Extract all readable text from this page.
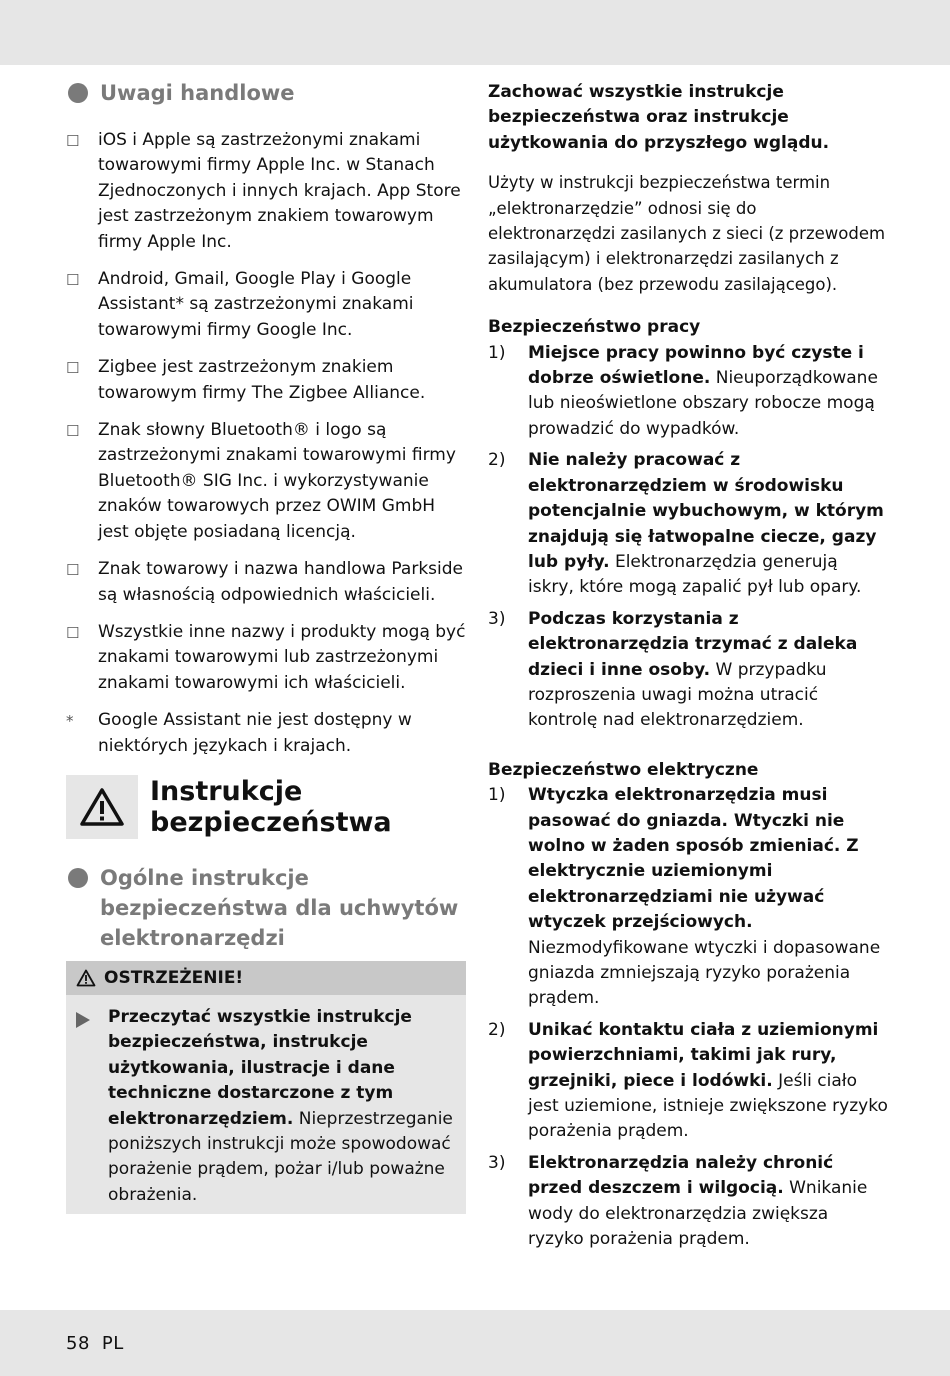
Uwagi handlowe
☐	iOS i Apple są zastrzeżonymi znakami towarowymi firmy Apple Inc. w Stanach Zjednoczonych i innych krajach. App Store jest zastrzeżonym znakiem towarowym firmy Apple Inc.
☐	Android, Gmail, Google Play i Google Assistant* są zastrzeżonymi znakami towarowymi firmy Google Inc.
☐	Zigbee jest zastrzeżonym znakiem towarowym firmy The Zigbee Alliance.
☐	Znak słowny Bluetooth® i logo są zastrzeżonymi znakami towarowymi firmy Bluetooth® SIG Inc. i wykorzystywanie znaków towarowych przez OWIM GmbH jest objęte posiadaną licencją.
☐	Znak towarowy i nazwa handlowa Parkside są własnością odpowiednich właścicieli.
☐	Wszystkie inne nazwy i produkty mogą być znakami towarowymi lub zastrzeżonymi znakami towarowymi ich właścicieli.
*	Google Assistant nie jest dostępny w niektórych językach i krajach.
Instrukcje
bezpieczeństwa
Ogólne instrukcje bezpieczeństwa dla uchwytów elektronarzędzi
OSTRZEŻENIE!

Przeczytać wszystkie instrukcje bezpieczeństwa, instrukcje użytkowania, ilustracje i dane techniczne dostarczone z tym elektronarzędziem. Nieprzestrzeganie poniższych instrukcji może spowodować porażenie prądem, pożar i/lub poważne obrażenia.

Zachować wszystkie instrukcje bezpieczeństwa oraz instrukcje użytkowania do przyszłego wglądu.

Użyty w instrukcji bezpieczeństwa termin „elektronarzędzie” odnosi się do elektronarzędzi zasilanych z sieci (z przewodem zasilającym) i elektronarzędzi zasilanych z akumulatora (bez przewodu zasilającego).

Bezpieczeństwo pracy

1)	Miejsce pracy powinno być czyste i dobrze oświetlone. Nieuporządkowane lub nieoświetlone obszary robocze mogą prowadzić do wypadków.

2)	Nie należy pracować z elektronarzędziem w środowisku potencjalnie wybuchowym, w którym znajdują się łatwopalne ciecze, gazy lub pyły. Elektronarzędzia generują iskry, które mogą zapalić pył lub opary.

3)	Podczas korzystania z elektronarzędzia trzymać z daleka dzieci i inne osoby. W przypadku rozproszenia uwagi można utracić kontrolę nad elektronarzędziem.

Bezpieczeństwo elektryczne

1)	Wtyczka elektronarzędzia musi pasować do gniazda. Wtyczki nie wolno w żaden sposób zmieniać. Z elektrycznie uziemionymi elektronarzędziami nie używać wtyczek przejściowych. Niezmodyfikowane wtyczki i dopasowane gniazda zmniejszają ryzyko porażenia prądem.

2)	Unikać kontaktu ciała z uziemionymi powierzchniami, takimi jak rury, grzejniki, piece i lodówki. Jeśli ciało jest uziemione, istnieje zwiększone ryzyko porażenia prądem.

3)	Elektronarzędzia należy chronić przed deszczem i wilgocią. Wnikanie wody do elektronarzędzia zwiększa ryzyko porażenia prądem.

58 PL
